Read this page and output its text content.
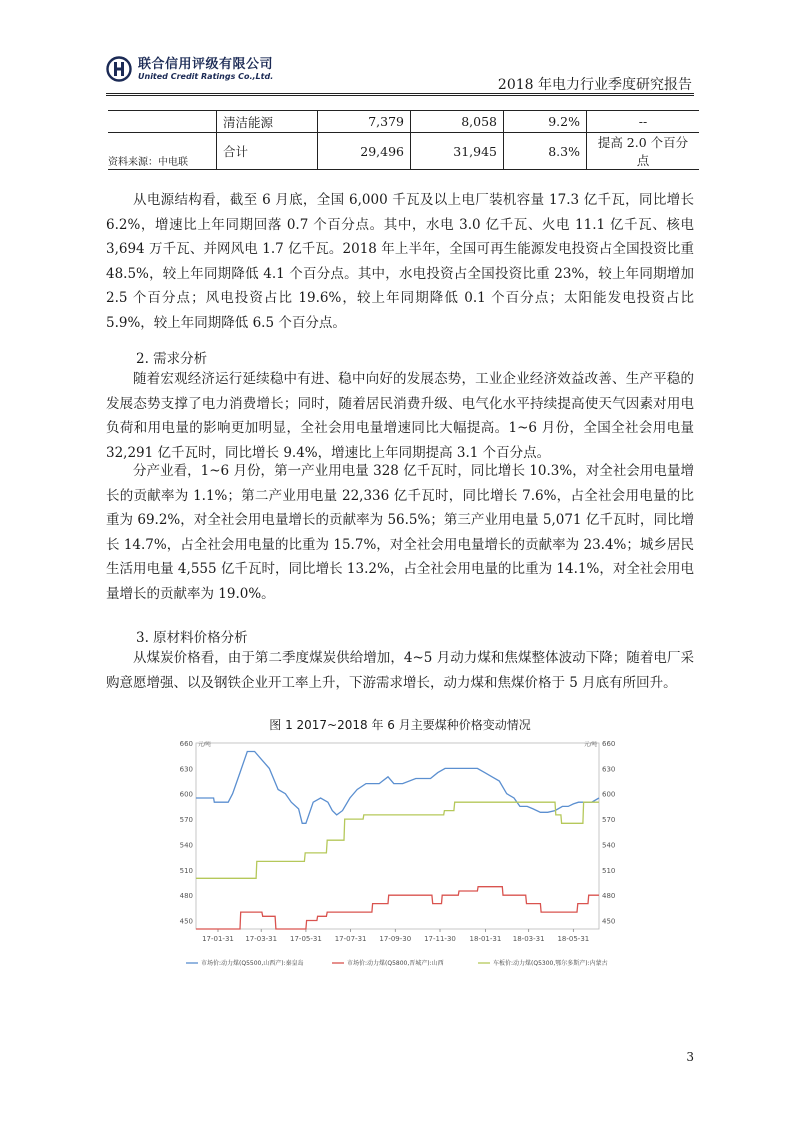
联合信用评级有限公司
United Credit Ratings Co.,Ltd.
2018 年电力行业季度研究报告
	清洁能源	7,379	8,058	9.2%	--
	合计	29,496	31,945	8.3%	提高 2.0 个百分点
资料来源：中电联

从电源结构看，截至 6 月底，全国 6,000 千瓦及以上电厂装机容量 17.3 亿千瓦，同比增长 6.2%，增速比上年同期回落 0.7 个百分点。其中，水电 3.0 亿千瓦、火电 11.1 亿千瓦、核电 3,694 万千瓦、并网风电 1.7 亿千瓦。2018 年上半年，全国可再生能源发电投资占全国投资比重 48.5%，较上年同期降低 4.1 个百分点。其中，水电投资占全国投资比重 23%，较上年同期增加 2.5 个百分点；风电投资占比 19.6%，较上年同期降低 0.1 个百分点；太阳能发电投资占比 5.9%，较上年同期降低 6.5 个百分点。

2. 需求分析

随着宏观经济运行延续稳中有进、稳中向好的发展态势，工业企业经济效益改善、生产平稳的发展态势支撑了电力消费增长；同时，随着居民消费升级、电气化水平持续提高使天气因素对用电负荷和用电量的影响更加明显，全社会用电量增速同比大幅提高。1~6 月份，全国全社会用电量 32,291 亿千瓦时，同比增长 9.4%，增速比上年同期提高 3.1 个百分点。

分产业看，1~6 月份，第一产业用电量 328 亿千瓦时，同比增长 10.3%，对全社会用电量增长的贡献率为 1.1%；第二产业用电量 22,336 亿千瓦时，同比增长 7.6%，占全社会用电量的比重为 69.2%，对全社会用电量增长的贡献率为 56.5%；第三产业用电量 5,071 亿千瓦时，同比增长 14.7%，占全社会用电量的比重为 15.7%，对全社会用电量增长的贡献率为 23.4%；城乡居民生活用电量 4,555 亿千瓦时，同比增长 13.2%，占全社会用电量的比重为 14.1%，对全社会用电量增长的贡献率为 19.0%。

3. 原材料价格分析

从煤炭价格看，由于第二季度煤炭供给增加，4~5 月动力煤和焦煤整体波动下降；随着电厂采购意愿增强、以及钢铁企业开工率上升，下游需求增长，动力煤和焦煤价格于 5 月底有所回升。

图 1 2017~2018 年 6 月主要煤种价格变动情况
450	450
480	480
510	510
540	540
570	570
600	600
630	630
660	660
元/吨	元/吨
17-01-31 17-03-31 17-05-31 17-07-31 17-09-30 17-11-30 18-01-31 18-03-31 18-05-31
市场价:动力煤(Q5500,山西产):秦皇岛	市场价:动力煤(Q5800,晋城产):山西	车板价:动力煤(Q5300,鄂尔多斯产):内蒙古
3
